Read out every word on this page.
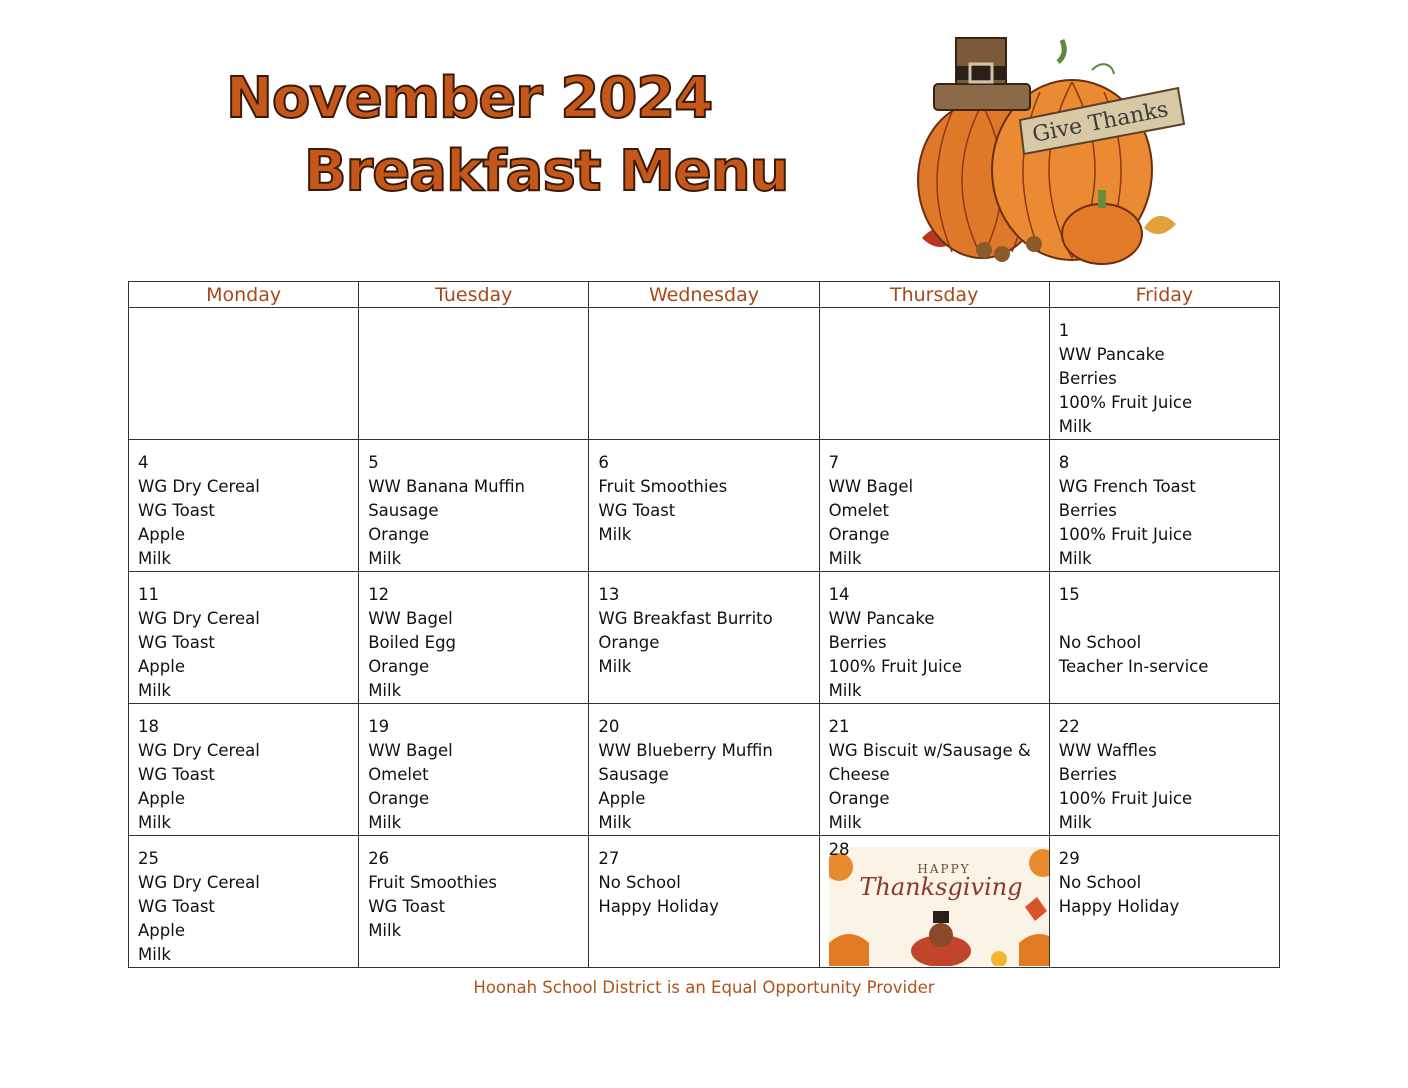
November 2024
Breakfast Menu
Give Thanks
Monday	Tuesday	Wednesday	Thursday	Friday

				1
WW Pancake
Berries
100% Fruit Juice
Milk

4
WG Dry Cereal
WG Toast
Apple
Milk	5
WW Banana Muffin
Sausage
Orange
Milk	6
Fruit Smoothies
WG Toast
Milk	7
WW Bagel
Omelet
Orange
Milk	8
WG French Toast
Berries
100% Fruit Juice
Milk

11
WG Dry Cereal
WG Toast
Apple
Milk	12
WW Bagel
Boiled Egg
Orange
Milk	13
WG Breakfast Burrito
Orange
Milk	14
WW Pancake
Berries
100% Fruit Juice
Milk	15
No School
Teacher In-service

18
WG Dry Cereal
WG Toast
Apple
Milk	19
WW Bagel
Omelet
Orange
Milk	20
WW Blueberry Muffin
Sausage
Apple
Milk	21
WG Biscuit w/Sausage &
Cheese
Orange
Milk	22
WW Waffles
Berries
100% Fruit Juice
Milk

25
WG Dry Cereal
WG Toast
Apple
Milk	26
Fruit Smoothies
WG Toast
Milk	27
No School
Happy Holiday	28
HAPPY
Thanksgiving	29
No School
Happy Holiday
Hoonah School District is an Equal Opportunity Provider
